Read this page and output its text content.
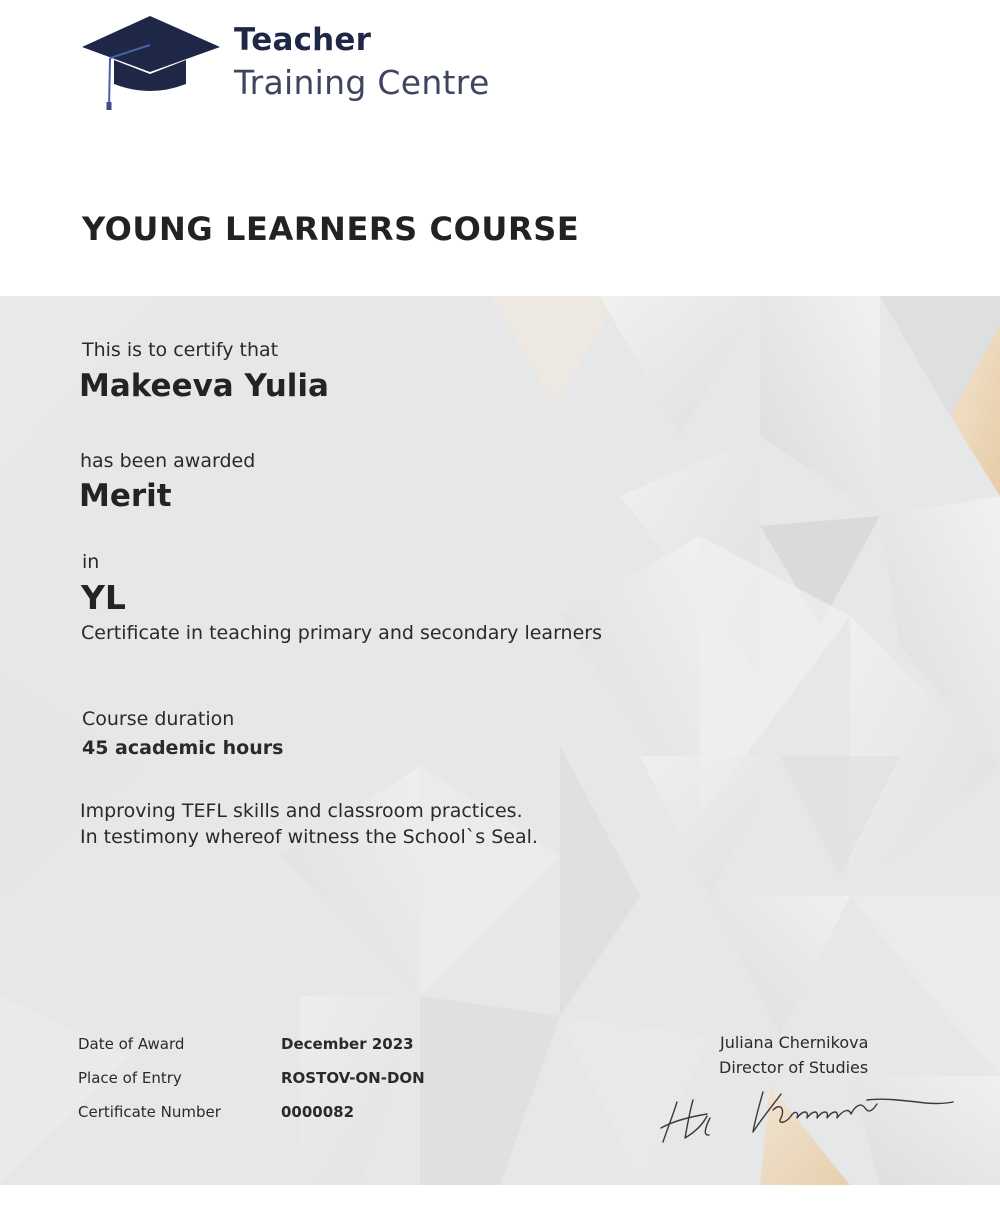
Teacher
Training Centre
YOUNG LEARNERS COURSE
This is to certify that
Makeeva Yulia
has been awarded
Merit
in
YL
Certificate in teaching primary and secondary learners
Course duration
45 academic hours
Improving TEFL skills and classroom practices.
In testimony whereof witness the School`s Seal.
Date of Award	December 2023
Place of Entry	ROSTOV-ON-DON
Certificate Number	0000082
Juliana Chernikova
Director of Studies
